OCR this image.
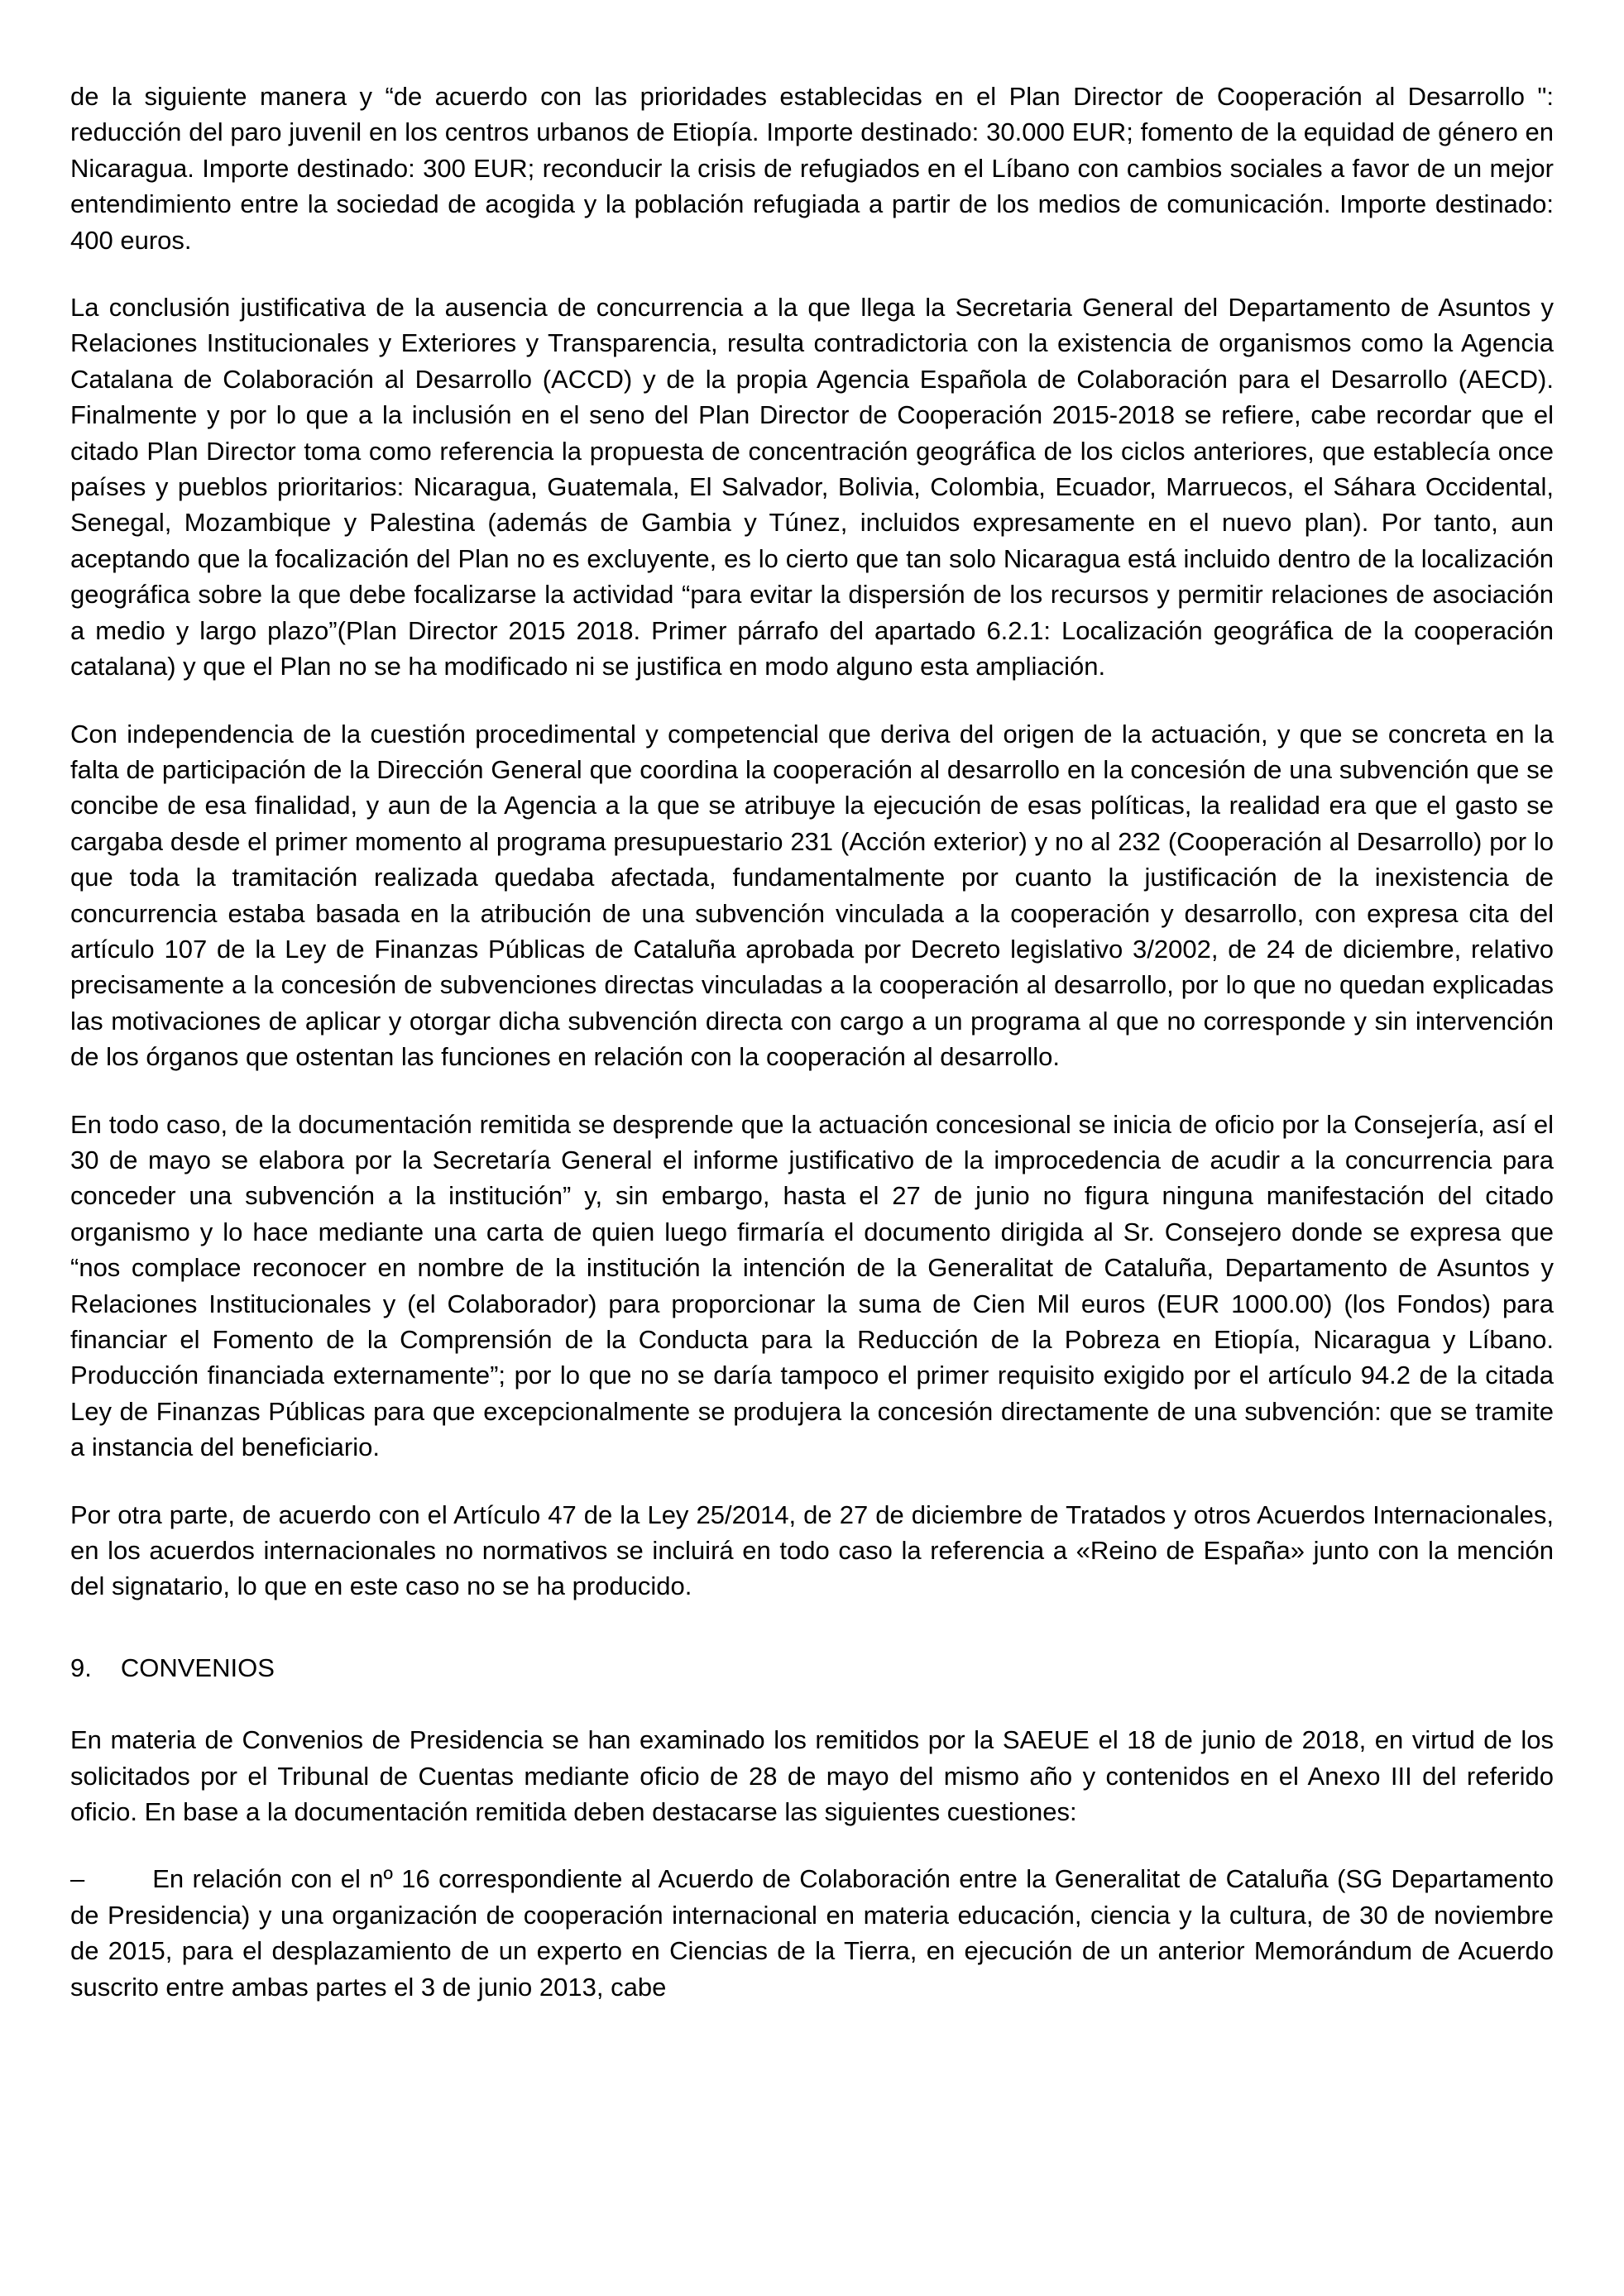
de la siguiente manera y “de acuerdo con las prioridades establecidas en el Plan Director de Cooperación al Desarrollo ": reducción del paro juvenil en los centros urbanos de Etiopía. Importe destinado: 30.000 EUR; fomento de la equidad de género en Nicaragua. Importe destinado: 300 EUR; reconducir la crisis de refugiados en el Líbano con cambios sociales a favor de un mejor entendimiento entre la sociedad de acogida y la población refugiada a partir de los medios de comunicación. Importe destinado: 400 euros.

La conclusión justificativa de la ausencia de concurrencia a la que llega la Secretaria General del Departamento de Asuntos y Relaciones Institucionales y Exteriores y Transparencia, resulta contradictoria con la existencia de organismos como la Agencia Catalana de Colaboración al Desarrollo (ACCD) y de la propia Agencia Española de Colaboración para el Desarrollo (AECD). Finalmente y por lo que a la inclusión en el seno del Plan Director de Cooperación 2015-2018 se refiere, cabe recordar que el citado Plan Director toma como referencia la propuesta de concentración geográfica de los ciclos anteriores, que establecía once países y pueblos prioritarios: Nicaragua, Guatemala, El Salvador, Bolivia, Colombia, Ecuador, Marruecos, el Sáhara Occidental, Senegal, Mozambique y Palestina (además de Gambia y Túnez, incluidos expresamente en el nuevo plan). Por tanto, aun aceptando que la focalización del Plan no es excluyente, es lo cierto que tan solo Nicaragua está incluido dentro de la localización geográfica sobre la que debe focalizarse la actividad “para evitar la dispersión de los recursos y permitir relaciones de asociación a medio y largo plazo”(Plan Director 2015 2018. Primer párrafo del apartado 6.2.1: Localización geográfica de la cooperación catalana) y que el Plan no se ha modificado ni se justifica en modo alguno esta ampliación.

Con independencia de la cuestión procedimental y competencial que deriva del origen de la actuación, y que se concreta en la falta de participación de la Dirección General que coordina la cooperación al desarrollo en la concesión de una subvención que se concibe de esa finalidad, y aun de la Agencia a la que se atribuye la ejecución de esas políticas, la realidad era que el gasto se cargaba desde el primer momento al programa presupuestario 231 (Acción exterior) y no al 232 (Cooperación al Desarrollo) por lo que toda la tramitación realizada quedaba afectada, fundamentalmente por cuanto la justificación de la inexistencia de concurrencia estaba basada en la atribución de una subvención vinculada a la cooperación y desarrollo, con expresa cita del artículo 107 de la Ley de Finanzas Públicas de Cataluña aprobada por Decreto legislativo 3/2002, de 24 de diciembre, relativo precisamente a la concesión de subvenciones directas vinculadas a la cooperación al desarrollo, por lo que no quedan explicadas las motivaciones de aplicar y otorgar dicha subvención directa con cargo a un programa al que no corresponde y sin intervención de los órganos que ostentan las funciones en relación con la cooperación al desarrollo.

En todo caso, de la documentación remitida se desprende que la actuación concesional se inicia de oficio por la Consejería, así el 30 de mayo se elabora por la Secretaría General el informe justificativo de la improcedencia de acudir a la concurrencia para conceder una subvención a la institución” y, sin embargo, hasta el 27 de junio no figura ninguna manifestación del citado organismo y lo hace mediante una carta de quien luego firmaría el documento dirigida al Sr. Consejero donde se expresa que “nos complace reconocer en nombre de la institución la intención de la Generalitat de Cataluña, Departamento de Asuntos y Relaciones Institucionales y (el Colaborador) para proporcionar la suma de Cien Mil euros (EUR 1000.00) (los Fondos) para financiar el Fomento de la Comprensión de la Conducta para la Reducción de la Pobreza en Etiopía, Nicaragua y Líbano. Producción financiada externamente”; por lo que no se daría tampoco el primer requisito exigido por el artículo 94.2 de la citada Ley de Finanzas Públicas para que excepcionalmente se produjera la concesión directamente de una subvención: que se tramite a instancia del beneficiario.

Por otra parte, de acuerdo con el Artículo 47 de la Ley 25/2014, de 27 de diciembre de Tratados y otros Acuerdos Internacionales, en los acuerdos internacionales no normativos se incluirá en todo caso la referencia a «Reino de España» junto con la mención del signatario, lo que en este caso no se ha producido.

9. CONVENIOS

En materia de Convenios de Presidencia se han examinado los remitidos por la SAEUE el 18 de junio de 2018, en virtud de los solicitados por el Tribunal de Cuentas mediante oficio de 28 de mayo del mismo año y contenidos en el Anexo III del referido oficio. En base a la documentación remitida deben destacarse las siguientes cuestiones:

–	En relación con el nº 16 correspondiente al Acuerdo de Colaboración entre la Generalitat de Cataluña (SG Departamento de Presidencia) y una organización de cooperación internacional en materia educación, ciencia y la cultura, de 30 de noviembre de 2015, para el desplazamiento de un experto en Ciencias de la Tierra, en ejecución de un anterior Memorándum de Acuerdo suscrito entre ambas partes el 3 de junio 2013, cabe
